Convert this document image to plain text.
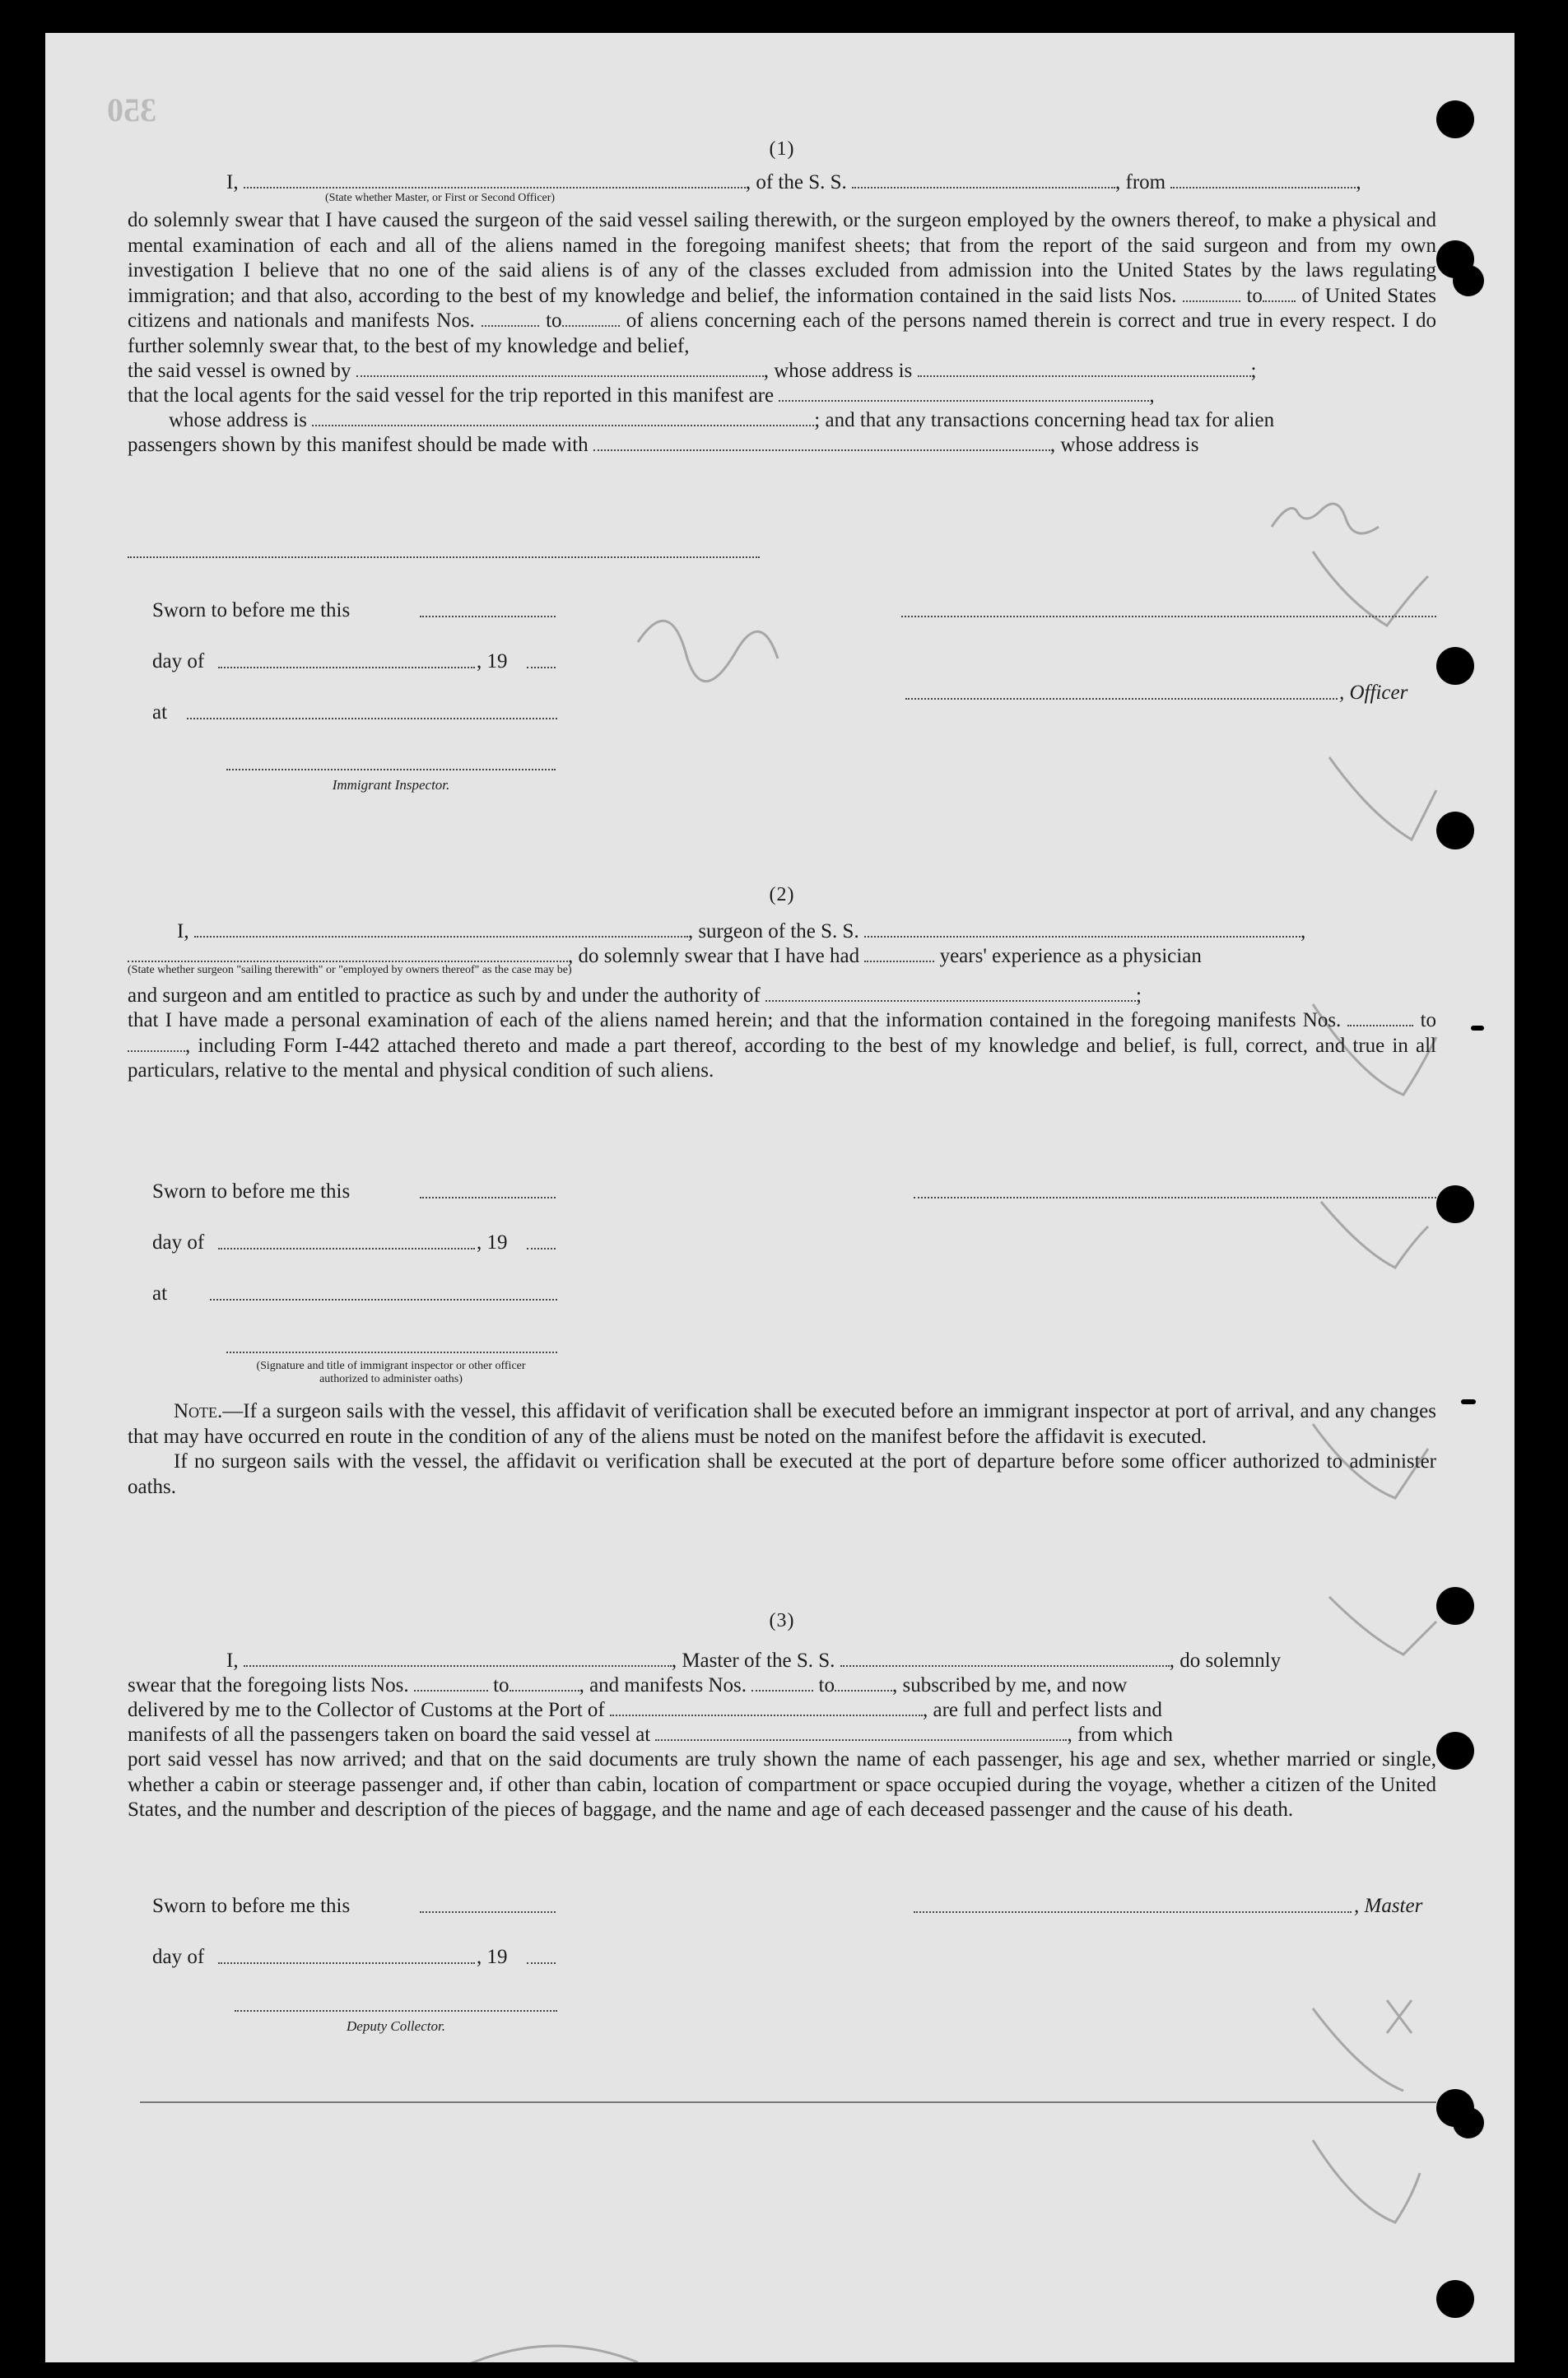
350
(1)
I,	, of the S. S.	, from	,
(State whether Master, or First or Second Officer)
do solemnly swear that I have caused the surgeon of the said vessel sailing therewith, or the surgeon employed by the owners thereof, to make a physical and mental examination of each and all of the aliens named in the foregoing manifest sheets; that from the report of the said surgeon and from my own investigation I believe that no one of the said aliens is of any of the classes excluded from admission into the United States by the laws regulating immigration; and that also, according to the best of my knowledge and belief, the information contained in the said lists Nos.	to of United States citizens and nationals and manifests Nos.	to	of aliens concerning each of the persons named therein is correct and true in every respect. I do further solemnly swear that, to the best of my knowledge and belief,
the said vessel is owned by	, whose address is	;
that the local agents for the said vessel for the trip reported in this manifest are	,
whose address is	; and that any transactions concerning head tax for alien
passengers shown by this manifest should be made with	, whose address is
Sworn to before me this
day of	, 19
, Officer
at
Immigrant Inspector.
(2)
I,	, surgeon of the S. S.	,
, do solemnly swear that I have had	years' experience as a physician
(State whether surgeon "sailing therewith" or "employed by owners thereof" as the case may be)
and surgeon and am entitled to practice as such by and under the authority of	;
that I have made a personal examination of each of the aliens named herein; and that the information contained in the foregoing manifests Nos.	to, including Form I-442 attached thereto and made a part thereof, according to the best of my knowledge and belief, is full, correct, and true in all particulars, relative to the mental and physical condition of such aliens.
Sworn to before me this
day of	, 19
at
(Signature and title of immigrant inspector or other officer authorized to administer oaths)
Note.—If a surgeon sails with the vessel, this affidavit of verification shall be executed before an immigrant inspector at port of arrival, and any changes that may have occurred en route in the condition of any of the aliens must be noted on the manifest before the affidavit is executed.
If no surgeon sails with the vessel, the affidavit oı verification shall be executed at the port of departure before some officer authorized to administer oaths.
(3)
I,	, Master of the S. S.	, do solemnly
swear that the foregoing lists Nos.	to	, and manifests Nos.	to	, subscribed by me, and now
delivered by me to the Collector of Customs at the Port of	, are full and perfect lists and
manifests of all the passengers taken on board the said vessel at	, from which
port said vessel has now arrived; and that on the said documents are truly shown the name of each passenger, his age and sex, whether married or single, whether a cabin or steerage passenger and, if other than cabin, location of compartment or space occupied during the voyage, whether a citizen of the United States, and the number and description of the pieces of baggage, and the name and age of each deceased passenger and the cause of his death.
Sworn to before me this	, Master
day of	, 19
Deputy Collector.
